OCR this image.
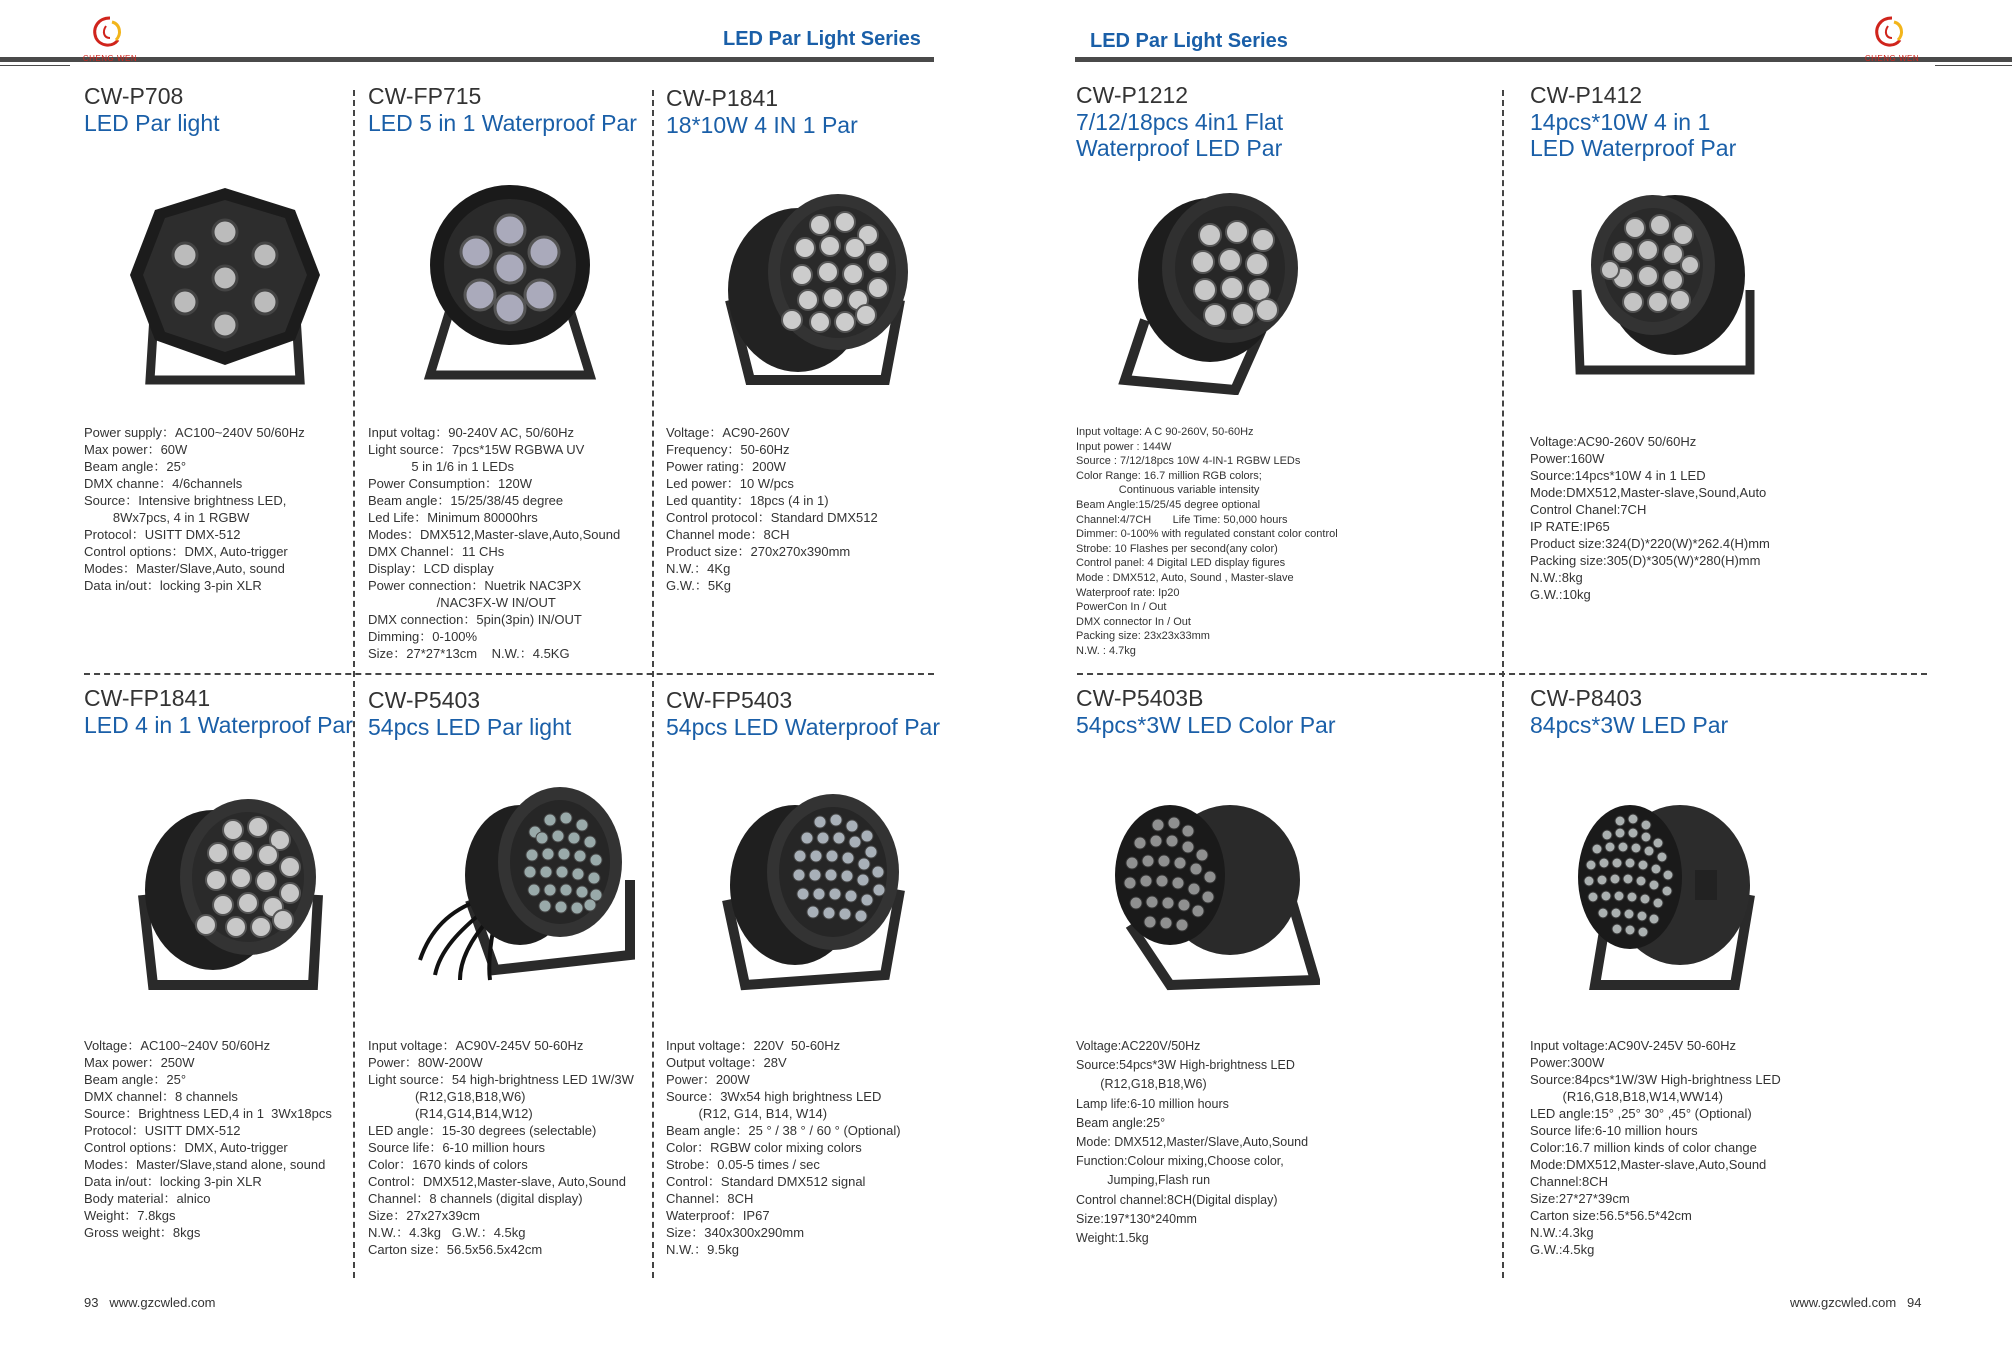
CHENG WEN	CHENG WEN
LED Par Light Series	LED Par Light Series
CW-P708
LED Par light
Power supply：AC100~240V 50/60Hz
Max power：60W
Beam angle：25°
DMX channe：4/6channels
Source：Intensive brightness LED,
8Wx7pcs, 4 in 1 RGBW
Protocol：USITT DMX-512
Control options：DMX, Auto-trigger
Modes：Master/Slave,Auto, sound
Data in/out：locking 3-pin XLR
CW-FP715
LED 5 in 1 Waterproof Par
Input voltag：90-240V AC, 50/60Hz
Light source：7pcs*15W RGBWA UV
5 in 1/6 in 1 LEDs
Power Consumption：120W
Beam angle：15/25/38/45 degree
Led Life：Minimum 80000hrs
Modes：DMX512,Master-slave,Auto,Sound
DMX Channel：11 CHs
Display：LCD display
Power connection：Nuetrik NAC3PX
/NAC3FX-W IN/OUT
DMX connection：5pin(3pin) IN/OUT
Dimming：0-100%
Size：27*27*13cm    N.W.：4.5KG
CW-P1841
18*10W 4 IN 1 Par
Voltage：AC90-260V
Frequency：50-60Hz
Power rating：200W
Led power：10 W/pcs
Led quantity：18pcs (4 in 1)
Control protocol：Standard DMX512
Channel mode：8CH
Product size：270x270x390mm
N.W.：4Kg
G.W.：5Kg
CW-P1212
7/12/18pcs 4in1 Flat
Waterproof LED Par
Input voltage: A C 90-260V, 50-60Hz
Input power : 144W
Source : 7/12/18pcs 10W 4-IN-1 RGBW LEDs
Color Range: 16.7 million RGB colors;
Continuous variable intensity
Beam Angle:15/25/45 degree optional
Channel:4/7CH       Life Time: 50,000 hours
Dimmer: 0-100% with regulated constant color control
Strobe: 10 Flashes per second(any color)
Control panel: 4 Digital LED display figures
Mode : DMX512, Auto, Sound , Master-slave
Waterproof rate: Ip20
PowerCon In / Out
DMX connector In / Out
Packing size: 23x23x33mm
N.W. : 4.7kg
CW-P1412
14pcs*10W 4 in 1
LED Waterproof Par
Voltage:AC90-260V 50/60Hz
Power:160W
Source:14pcs*10W 4 in 1 LED
Mode:DMX512,Master-slave,Sound,Auto
Control Chanel:7CH
IP RATE:IP65
Product size:324(D)*220(W)*262.4(H)mm
Packing size:305(D)*305(W)*280(H)mm
N.W.:8kg
G.W.:10kg
CW-FP1841
LED 4 in 1 Waterproof Par
Voltage：AC100~240V 50/60Hz
Max power：250W
Beam angle：25°
DMX channel：8 channels
Source：Brightness LED,4 in 1  3Wx18pcs
Protocol：USITT DMX-512
Control options：DMX, Auto-trigger
Modes：Master/Slave,stand alone, sound
Data in/out：locking 3-pin XLR
Body material：alnico
Weight：7.8kgs
Gross weight：8kgs
CW-P5403
54pcs LED Par light
Input voltage：AC90V-245V 50-60Hz
Power：80W-200W
Light source：54 high-brightness LED 1W/3W
(R12,G18,B18,W6)
(R14,G14,B14,W12)
LED angle：15-30 degrees (selectable)
Source life：6-10 million hours
Color：1670 kinds of colors
Control：DMX512,Master-slave, Auto,Sound
Channel：8 channels (digital display)
Size：27x27x39cm
N.W.：4.3kg   G.W.：4.5kg
Carton size：56.5x56.5x42cm
CW-FP5403
54pcs LED Waterproof Par
Input voltage：220V  50-60Hz
Output voltage：28V
Power：200W
Source：3Wx54 high brightness LED
(R12, G14, B14, W14)
Beam angle：25 ° / 38 ° / 60 ° (Optional)
Color：RGBW color mixing colors
Strobe：0.05-5 times / sec
Control：Standard DMX512 signal
Channel：8CH
Waterproof：IP67
Size：340x300x290mm
N.W.：9.5kg
CW-P5403B
54pcs*3W LED Color Par
Voltage:AC220V/50Hz
Source:54pcs*3W High-brightness LED
(R12,G18,B18,W6)
Lamp life:6-10 million hours
Beam angle:25°
Mode: DMX512,Master/Slave,Auto,Sound
Function:Colour mixing,Choose color,
Jumping,Flash run
Control channel:8CH(Digital display)
Size:197*130*240mm
Weight:1.5kg
CW-P8403
84pcs*3W LED Par
Input voltage:AC90V-245V 50-60Hz
Power:300W
Source:84pcs*1W/3W High-brightness LED
(R16,G18,B18,W14,WW14)
LED angle:15° ,25° 30° ,45° (Optional)
Source life:6-10 million hours
Color:16.7 million kinds of color change
Mode:DMX512,Master-slave,Auto,Sound
Channel:8CH
Size:27*27*39cm
Carton size:56.5*56.5*42cm
N.W.:4.3kg
G.W.:4.5kg
93 www.gzcwled.com	www.gzcwled.com 94
